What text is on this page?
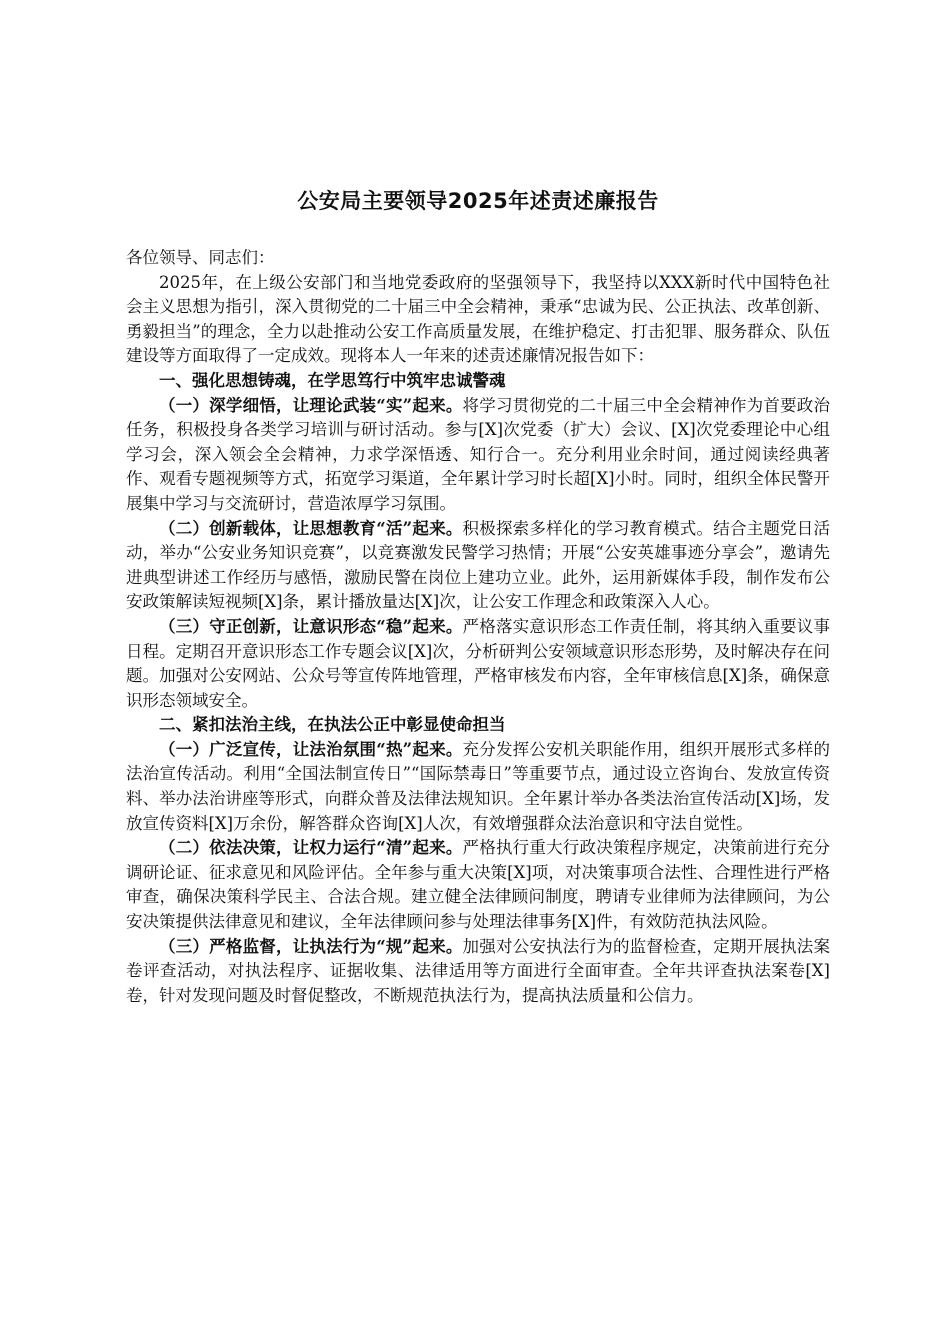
公安局主要领导2025年述责述廉报告

各位领导、同志们：

2025年，在上级公安部门和当地党委政府的坚强领导下，我坚持以XXX新时代中国特色社会主义思想为指引，深入贯彻党的二十届三中全会精神，秉承“忠诚为民、公正执法、改革创新、勇毅担当”的理念，全力以赴推动公安工作高质量发展，在维护稳定、打击犯罪、服务群众、队伍建设等方面取得了一定成效。现将本人一年来的述责述廉情况报告如下：

一、强化思想铸魂，在学思笃行中筑牢忠诚警魂

（一）深学细悟，让理论武装“实”起来。将学习贯彻党的二十届三中全会精神作为首要政治任务，积极投身各类学习培训与研讨活动。参与[X]次党委（扩大）会议、[X]次党委理论中心组学习会，深入领会全会精神，力求学深悟透、知行合一。充分利用业余时间，通过阅读经典著作、观看专题视频等方式，拓宽学习渠道，全年累计学习时长超[X]小时。同时，组织全体民警开展集中学习与交流研讨，营造浓厚学习氛围。

（二）创新载体，让思想教育“活”起来。积极探索多样化的学习教育模式。结合主题党日活动，举办“公安业务知识竞赛”，以竞赛激发民警学习热情；开展“公安英雄事迹分享会”，邀请先进典型讲述工作经历与感悟，激励民警在岗位上建功立业。此外，运用新媒体手段，制作发布公安政策解读短视频[X]条，累计播放量达[X]次，让公安工作理念和政策深入人心。

（三）守正创新，让意识形态“稳”起来。严格落实意识形态工作责任制，将其纳入重要议事日程。定期召开意识形态工作专题会议[X]次，分析研判公安领域意识形态形势，及时解决存在问题。加强对公安网站、公众号等宣传阵地管理，严格审核发布内容，全年审核信息[X]条，确保意识形态领域安全。

二、紧扣法治主线，在执法公正中彰显使命担当

（一）广泛宣传，让法治氛围“热”起来。充分发挥公安机关职能作用，组织开展形式多样的法治宣传活动。利用“全国法制宣传日”“国际禁毒日”等重要节点，通过设立咨询台、发放宣传资料、举办法治讲座等形式，向群众普及法律法规知识。全年累计举办各类法治宣传活动[X]场，发放宣传资料[X]万余份，解答群众咨询[X]人次，有效增强群众法治意识和守法自觉性。

（二）依法决策，让权力运行“清”起来。严格执行重大行政决策程序规定，决策前进行充分调研论证、征求意见和风险评估。全年参与重大决策[X]项，对决策事项合法性、合理性进行严格审查，确保决策科学民主、合法合规。建立健全法律顾问制度，聘请专业律师为法律顾问，为公安决策提供法律意见和建议，全年法律顾问参与处理法律事务[X]件，有效防范执法风险。

（三）严格监督，让执法行为“规”起来。加强对公安执法行为的监督检查，定期开展执法案卷评查活动，对执法程序、证据收集、法律适用等方面进行全面审查。全年共评查执法案卷[X]卷，针对发现问题及时督促整改，不断规范执法行为，提高执法质量和公信力。
